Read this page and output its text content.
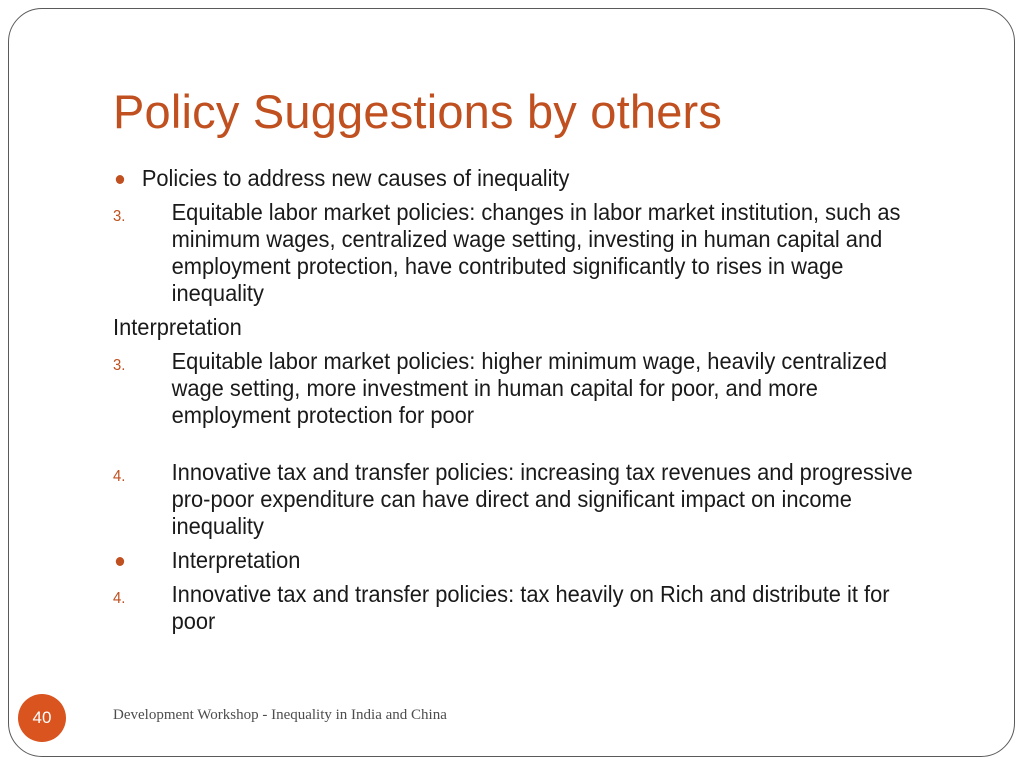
Policy Suggestions by others
Policies to address new causes of inequality
3. Equitable labor market policies: changes in labor market institution, such as minimum wages, centralized wage setting, investing in human capital and employment protection, have contributed significantly to rises in wage inequality
Interpretation
3. Equitable labor market policies: higher minimum wage, heavily centralized wage setting, more investment in human capital for poor, and more employment protection for poor
4. Innovative tax and transfer policies: increasing tax revenues and progressive pro-poor expenditure can have direct and significant impact on income inequality
Interpretation
4. Innovative tax and transfer policies: tax heavily on Rich and distribute it for poor
40	Development Workshop - Inequality in India and China
